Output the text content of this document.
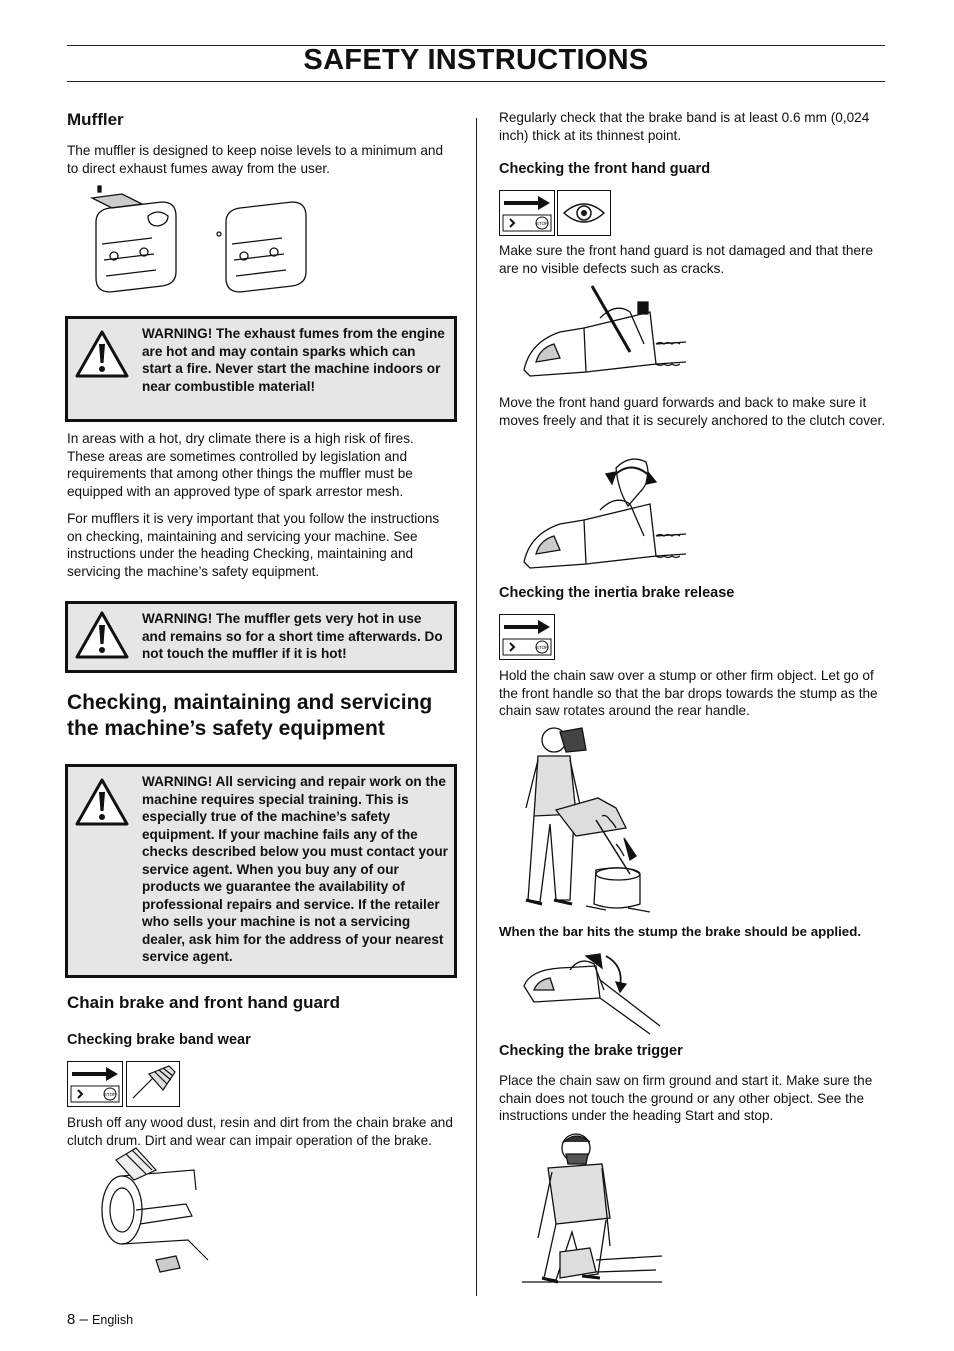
SAFETY INSTRUCTIONS
Muffler
The muffler is designed to keep noise levels to a minimum and to direct exhaust fumes away from the user.
WARNING! The exhaust fumes from the engine are hot and may contain sparks which can start a fire. Never start the machine indoors or near combustible material!
In areas with a hot, dry climate there is a high risk of fires. These areas are sometimes controlled by legislation and requirements that among other things the muffler must be equipped with an approved type of spark arrestor mesh.
For mufflers it is very important that you follow the instructions on checking, maintaining and servicing your machine. See instructions under the heading Checking, maintaining and servicing the machine’s safety equipment.
WARNING! The muffler gets very hot in use and remains so for a short time afterwards. Do not touch the muffler if it is hot!
Checking, maintaining and servicing the machine’s safety equipment
WARNING! All servicing and repair work on the machine requires special training. This is especially true of the machine’s safety equipment. If your machine fails any of the checks described below you must contact your service agent. When you buy any of our products we guarantee the availability of professional repairs and service. If the retailer who sells your machine is not a servicing dealer, ask him for the address of your nearest service agent.
Chain brake and front hand guard
Checking brake band wear
STOP
Brush off any wood dust, resin and dirt from the chain brake and clutch drum. Dirt and wear can impair operation of the brake.
Regularly check that the brake band is at least 0.6 mm (0,024 inch) thick at its thinnest point.
Checking the front hand guard
STOP
Make sure the front hand guard is not damaged and that there are no visible defects such as cracks.
Move the front hand guard forwards and back to make sure it moves freely and that it is securely anchored to the clutch cover.
Checking the inertia brake release
STOP
Hold the chain saw over a stump or other firm object. Let go of the front handle so that the bar drops towards the stump as the chain saw rotates around the rear handle.
When the bar hits the stump the brake should be applied.
Checking the brake trigger
Place the chain saw on firm ground and start it. Make sure the chain does not touch the ground or any other object. See the instructions under the heading Start and stop.
8 – English
